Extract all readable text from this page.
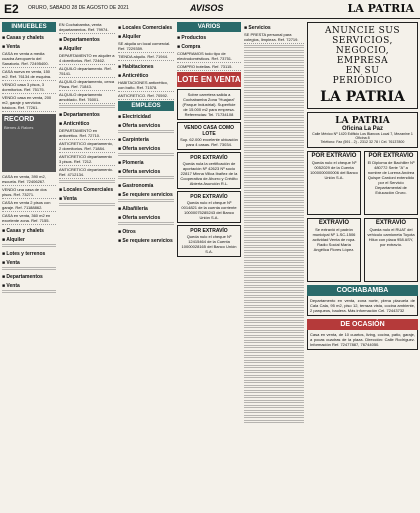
E2 ORURO, SABADO 28 DE AGOSTO DE 2021	AVISOS	LA PATRIA
INMUEBLES
■ Casas y chalets
■ Venta
CASA en venta a media cuadra Aeropuerto del Sanatorio. Ref. 72495400.
CASA nueva en venta, 150 m2. Ref. 76134 de esquina.
VENDO casa 3 pisos, 3 dormitorios. Ref. 75175.
VENDO casa en venta, 200 m2, garaje y servicios básicos. Ref. 77261.
RECORD
Bienes & Raices
CASA en venta, 390 m2, escuela. Ref. 72406267.
VENDO una casa de dos pisos. Ref. 73271.
CASA en venta 2 pisos con garaje. Ref. 71188862.
CASA en venta, 360 m2 en excelente zona. Ref. 7155.
■ Casas y chalets
■ Alquiler
■ Lotes y terrenos
■ Venta
■ Departamentos
■ Venta
EN Cochabamba, venta departamentos. Ref. 79974.
■ Departamentos
■ Alquiler
DEPARTAMENTO en alquiler a 4 dormitorios. Ref. 72462.
ALQUILO departamento. Ref. 75141.
ALQUILO departamento, cerca Plaza. Ref. 71843.
ALQUILO departamento amoblado. Ref. 76001.
■ Departamentos
■ Anticrético
DEPARTAMENTO en anticrético. Ref. 72710.
ANTICRETICO departamento, 2 dormitorios. Ref. 71884.
ANTICRETICO departamento 3 pisos. Ref. 7212.
ANTICRETICO departamento. Ref. 4712134.
■ Locales Comerciales
■ Venta
■ Locales Comerciales
■ Alquiler
SE alquila un local comercial. Ref. 7229359.
TIENDA alquilo. Ref. 71944.
■ Habitaciones
■ Anticrético
HABITACIONES anticrético, con baño. Ref. 71578.
ANTICRETICO. Ref. 70592.
EMPLEOS
■ Electricidad
■ Oferta servicios
■ Carpintería
■ Oferta servicios
■ Plomería
■ Oferta servicios
■ Gastronomía
■ Se requiere servicios
■ Albañilería
■ Oferta servicios
■ Otros
■ Se requiere servicios
VARIOS
■ Productos
■ Compra
COMPRAMOS todo tipo de electrodomésticos. Ref. 73751.
COMPRO botellas. Ref. 73115.
LOTE EN VENTA
Sobre carretera salida a Cochabamba Zona "Huajara" (Parque Industrial). Superficie de 15.000 m2 para empresa. Referencias: Tel. 71734108
VENDO CASA COMO LOTE
Sup. 62.000 excelente ubicación para 4 casas. Ref. 73034.
POR EXTRAVÍO
Queda nula la certificación de aportación Nº 42623 Nº socio 22817 Minna Villca Ibañez de la Cooperativa de Ahorro y Crédito Abierta Asunción R.L.
POR EXTRAVÍO
Queda nulo el cheque Nº 0014821 de la cuenta corriente 10000075285243 del Banco Unión S.A.
POR EXTRAVÍO
Queda nulo el cheque Nº 12415464 de la Cuenta 10000028165 del Banco Unión S.A.
■ Servicios
SE PRESTA personal para colegios, limpieza. Ref. 72719.
ANUNCIE SUS
SERVICIOS,
NEGOCIO,
EMPRESA
EN SU
PERIÓDICO
LA PATRIA
LA PATRIA
Oficina La Paz
Calle México Nº 1420 Edificio Los Blancos Local 7, Mezanine 1 Oficina 8
Teléfono: Fax (591 - 2) - 2312 32 78 / Cel. 76137800
POR EXTRAVÍO
Queda nulo el cheque Nº 0052029 de la Cuenta 1000000000006 del Banco Unión S.A.
POR EXTRAVÍO
El Diploma de Bachiller Nº 480772 Serie "A" a nombre de Lorena Andrea Quispe Cardoni extendido por el Servicio Departamental de Educación Oruro.
EXTRAVÍO
Se extravió el padrón municipal Nº 1-SC-1506 actividad Venta de ropa. Radio Social María Angélica Flores López.
EXTRAVÍO
Queda nulo el RUAT del vehículo camioneta Toyota Hilux con placa 958 ASY, por extravío.
COCHABAMBA
Departamento en venta, zona norte, plena plazuela de Cala Cala, 95 m2, piso 12, terraza vista, cocina ambiente, 2 parqueos, baulera. Más información Cel. 72443732
DE OCASIÓN
Casa en venta, de 10 cuartos, living, cocina, patio, garaje, a pocas cuadras de la plaza. Dirección: Calle Rodríguez. Información Ref. 72477887, 76744050.
